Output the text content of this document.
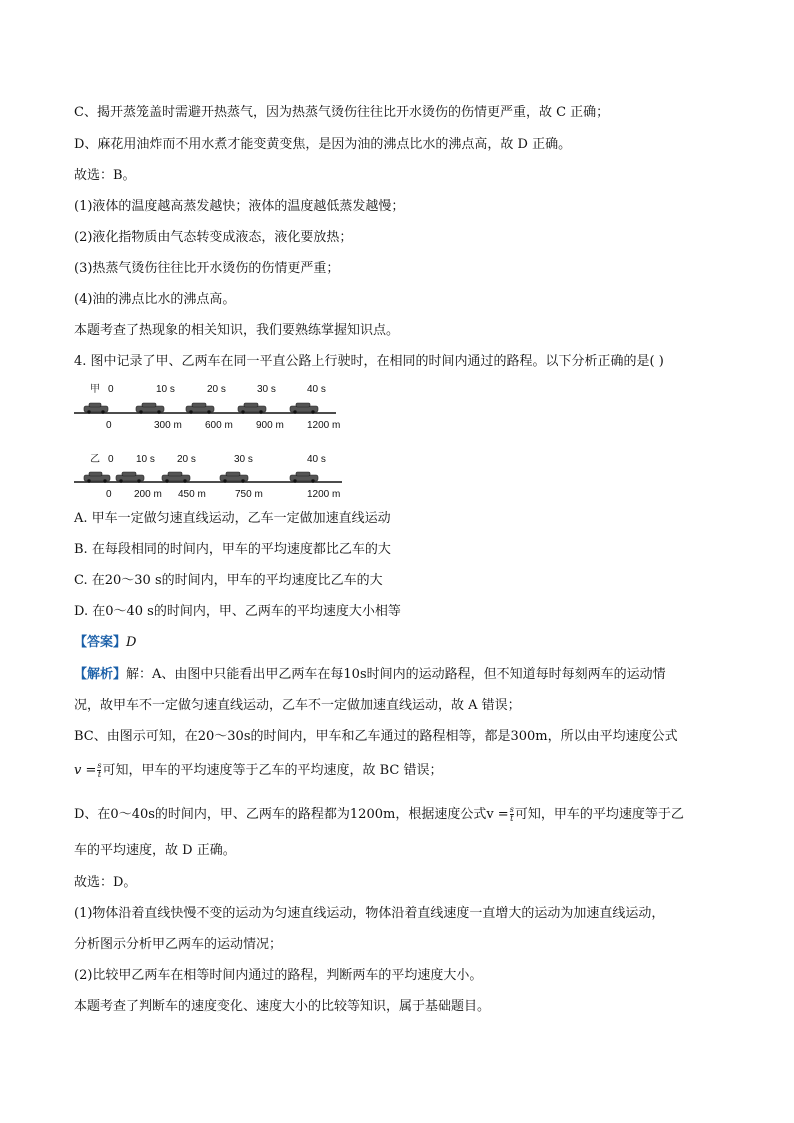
C、揭开蒸笼盖时需避开热蒸气，因为热蒸气烫伤往往比开水烫伤的伤情更严重，故 C 正确；
D、麻花用油炸而不用水煮才能变黄变焦，是因为油的沸点比水的沸点高，故 D 正确。
故选：B。
(1)液体的温度越高蒸发越快；液体的温度越低蒸发越慢；
(2)液化指物质由气态转变成液态，液化要放热；
(3)热蒸气烫伤往往比开水烫伤的伤情更严重；
(4)油的沸点比水的沸点高。
本题考查了热现象的相关知识，我们要熟练掌握知识点。
4. 图中记录了甲、乙两车在同一平直公路上行驶时，在相同的时间内通过的路程。以下分析正确的是( )
甲 0	10 s	20 s	30 s	40 s
0	300 m 600 m 900 m 1200 m
乙 0 10 s 20 s	30 s	40 s
0 200 m 450 m	750 m	1200 m
A. 甲车一定做匀速直线运动，乙车一定做加速直线运动
B. 在每段相同的时间内，甲车的平均速度都比乙车的大
C. 在20～30 s的时间内，甲车的平均速度比乙车的大
D. 在0～40 s的时间内，甲、乙两车的平均速度大小相等
【答案】D
【解析】解：A、由图中只能看出甲乙两车在每10s时间内的运动路程，但不知道每时每刻两车的运动情
况，故甲车不一定做匀速直线运动，乙车不一定做加速直线运动，故 A 错误；
BC、由图示可知，在20～30s的时间内，甲车和乙车通过的路程相等，都是300m，所以由平均速度公式
$v = \frac{s}{t}$ 可知，甲车的平均速度等于乙车的平均速度，故 BC 错误；
D、在0～40s的时间内，甲、乙两车的路程都为1200m，根据速度公式$v = \frac{s}{t}$ 可知，甲车的平均速度等于乙
车的平均速度，故 D 正确。
故选：D。
(1)物体沿着直线快慢不变的运动为匀速直线运动，物体沿着直线速度一直增大的运动为加速直线运动，
分析图示分析甲乙两车的运动情况；
(2)比较甲乙两车在相等时间内通过的路程，判断两车的平均速度大小。
本题考查了判断车的速度变化、速度大小的比较等知识，属于基础题目。
